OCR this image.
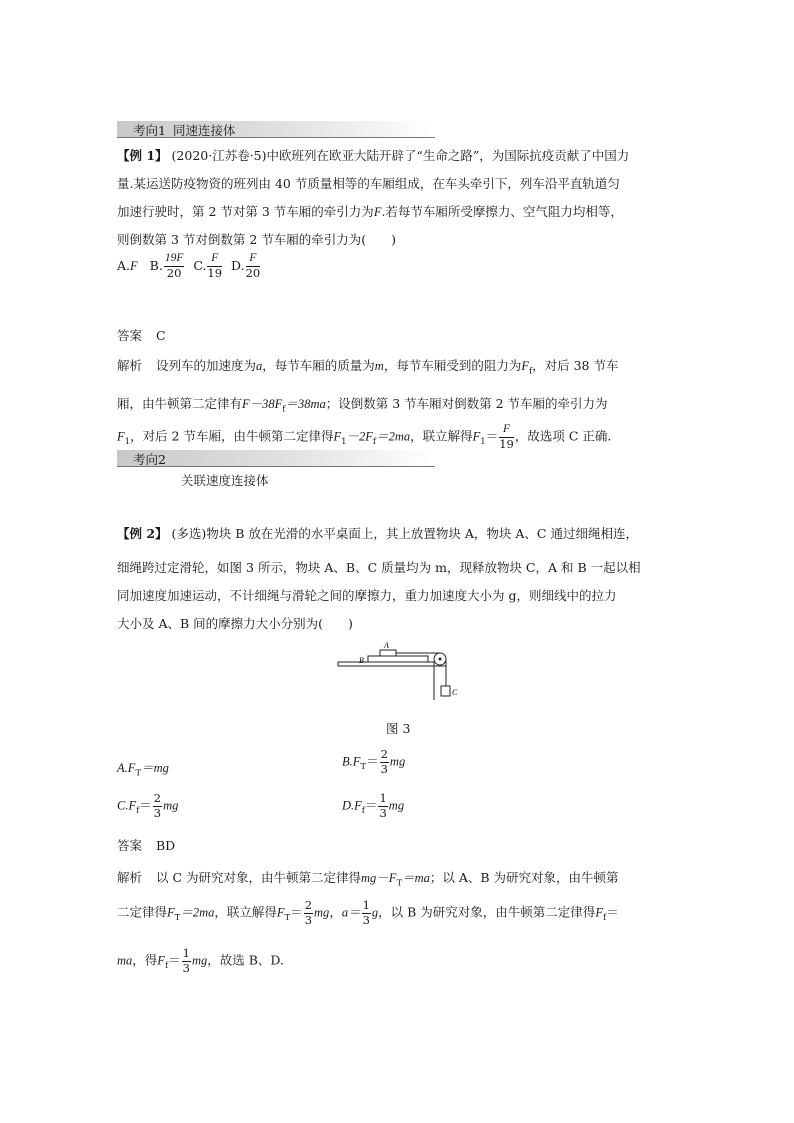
考向1 同速连接体
【例 1】 (2020·江苏卷·5)中欧班列在欧亚大陆开辟了“生命之路”，为国际抗疫贡献了中国力
量.某运送防疫物资的班列由 40 节质量相等的车厢组成，在车头牵引下，列车沿平直轨道匀
加速行驶时，第 2 节对第 3 节车厢的牵引力为F.若每节车厢所受摩擦力、空气阻力均相等，
则倒数第 3 节对倒数第 2 节车厢的牵引力为(　　)
A.F B. $\frac{19F}{20} C$. $\frac{F}{19} D$. $\frac{F}{20}$
答案 C
解析 设列车的加速度为a，每节车厢的质量为m，每节车厢受到的阻力为$F_f$，对后 38 节车
厢，由牛顿第二定律有$F-38F_f=38ma$；设倒数第 3 节车厢对倒数第 2 节车厢的牵引力为
$F_1$，对后 2 节车厢，由牛顿第二定律得$F_1-2F_f=2ma$，联立解得$F_1= \frac{F}{19}$ ，故选项 C 正确.
考向2
关联速度连接体
【例 2】 (多选)物块 B 放在光滑的水平桌面上，其上放置物块 A，物块 A、C 通过细绳相连，
细绳跨过定滑轮，如图 3 所示，物块 A、B、C 质量均为 m，现释放物块 C，A 和 B 一起以相
同加速度加速运动，不计细绳与滑轮之间的摩擦力，重力加速度大小为 g，则细线中的拉力
大小及 A、B 间的摩擦力大小分别为(　　)
A
B
C
图 3
$A.F_T=mg$	$B.F_T= \frac{2}{3}$ mg
$C.F_f= \frac{2}{3}$ mg	$D.F_f= \frac{1}{3}$ mg
答案 BD
解析 以 C 为研究对象，由牛顿第二定律得$mg-F_T=ma$；以 A、B 为研究对象，由牛顿第
二定律得$F_T=2ma$，联立解得$F_T= \frac{2}{3}$ mg，$a= \frac{1}{3}$ g，以 B 为研究对象，由牛顿第二定律得$F_f=$
ma，得$F_f= \frac{1}{3}$ mg，故选 B、D.
